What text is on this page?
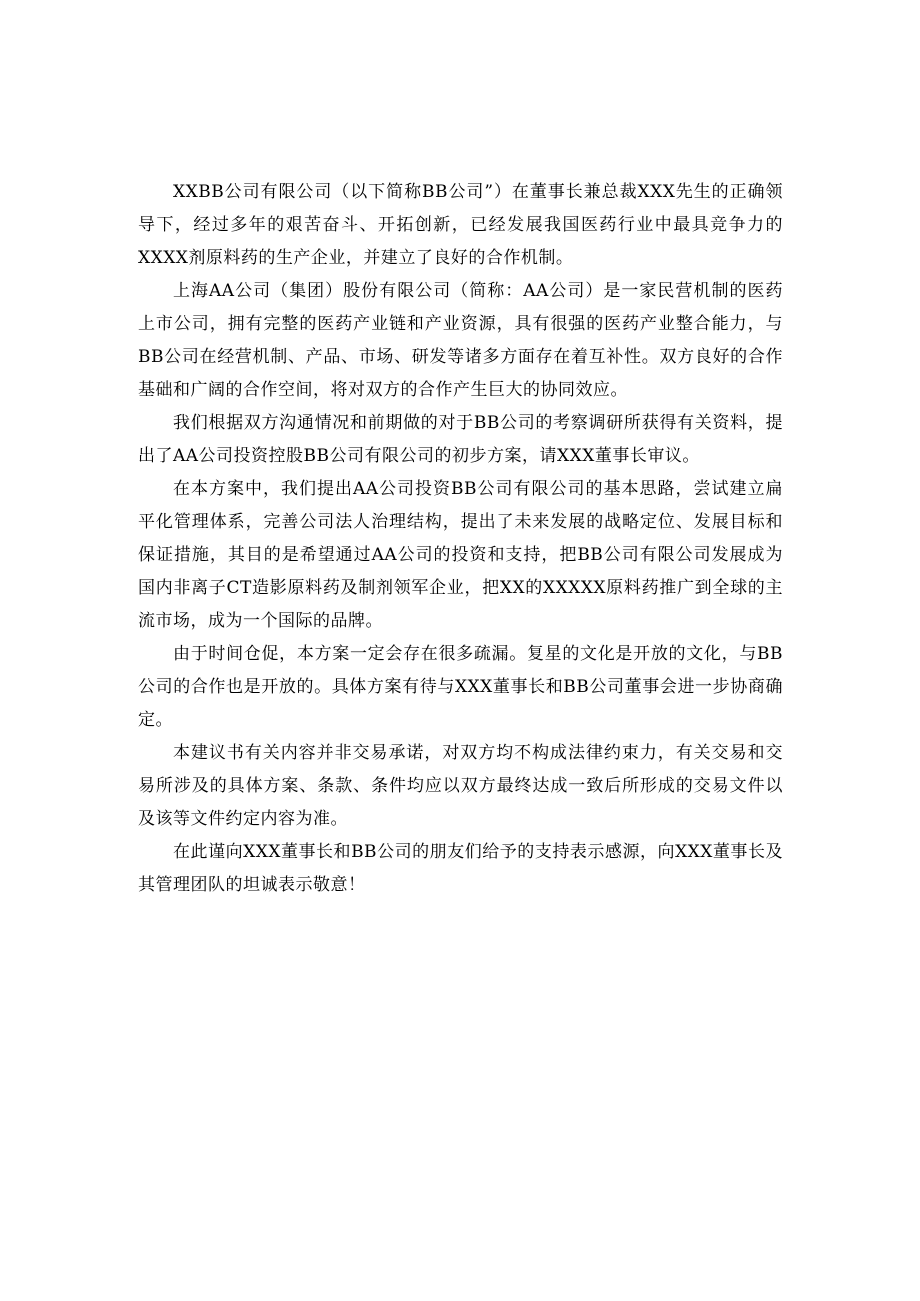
XXBB公司有限公司（以下简称BB公司”）在董事长兼总裁XXX先生的正确领导下，经过多年的艰苦奋斗、开拓创新，已经发展我国医药行业中最具竞争力的XXXX剂原料药的生产企业，并建立了良好的合作机制。

上海AA公司（集团）股份有限公司（简称：AA公司）是一家民营机制的医药上市公司，拥有完整的医药产业链和产业资源，具有很强的医药产业整合能力，与BB公司在经营机制、产品、市场、研发等诸多方面存在着互补性。双方良好的合作基础和广阔的合作空间，将对双方的合作产生巨大的协同效应。

我们根据双方沟通情况和前期做的对于BB公司的考察调研所获得有关资料，提出了AA公司投资控股BB公司有限公司的初步方案，请XXX董事长审议。

在本方案中，我们提出AA公司投资BB公司有限公司的基本思路，尝试建立扁平化管理体系，完善公司法人治理结构，提出了未来发展的战略定位、发展目标和保证措施，其目的是希望通过AA公司的投资和支持，把BB公司有限公司发展成为国内非离子CT造影原料药及制剂领军企业，把XX的XXXXX原料药推广到全球的主流市场，成为一个国际的品牌。

由于时间仓促，本方案一定会存在很多疏漏。复星的文化是开放的文化，与BB公司的合作也是开放的。具体方案有待与XXX董事长和BB公司董事会进一步协商确定。

本建议书有关内容并非交易承诺，对双方均不构成法律约束力，有关交易和交易所涉及的具体方案、条款、条件均应以双方最终达成一致后所形成的交易文件以及该等文件约定内容为准。

在此谨向XXX董事长和BB公司的朋友们给予的支持表示感源，向XXX董事长及其管理团队的坦诚表示敬意！
